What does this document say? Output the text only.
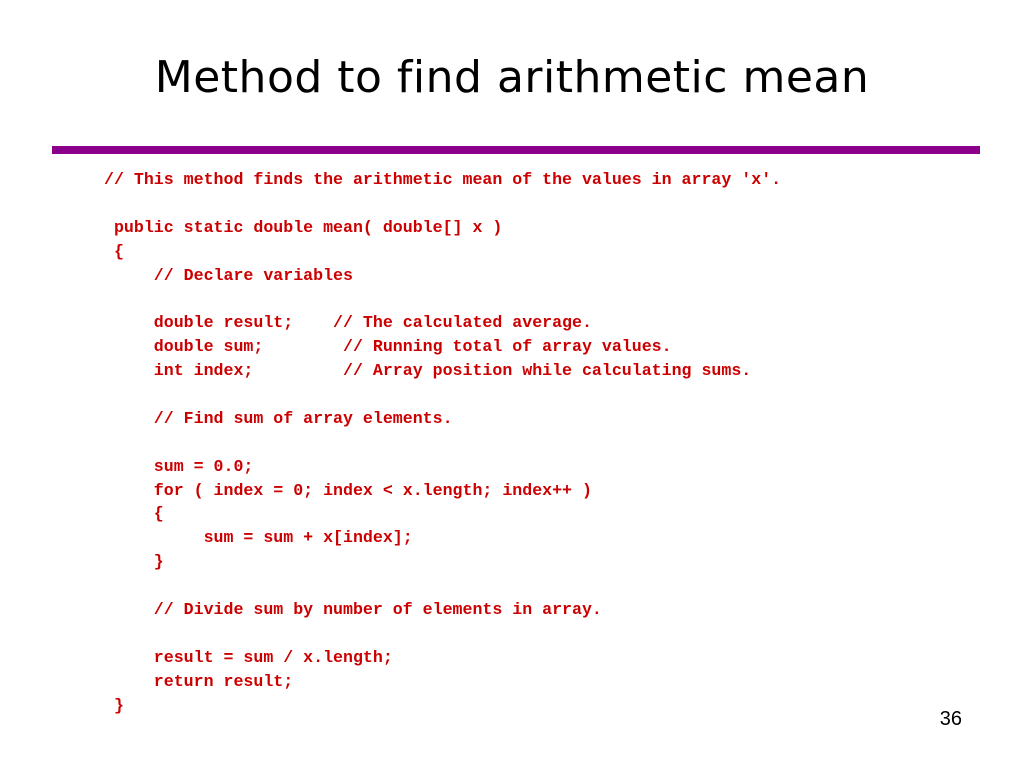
Method to find arithmetic mean
// This method finds the arithmetic mean of the values in array 'x'.
public static double mean( double[] x )
{
// Declare variables
double result;    // The calculated average.
double sum;        // Running total of array values.
int index;         // Array position while calculating sums.
// Find sum of array elements.
sum = 0.0;
for ( index = 0; index < x.length; index++ )
{
sum = sum + x[index];
}
// Divide sum by number of elements in array.
result = sum / x.length;
return result;
}
36
